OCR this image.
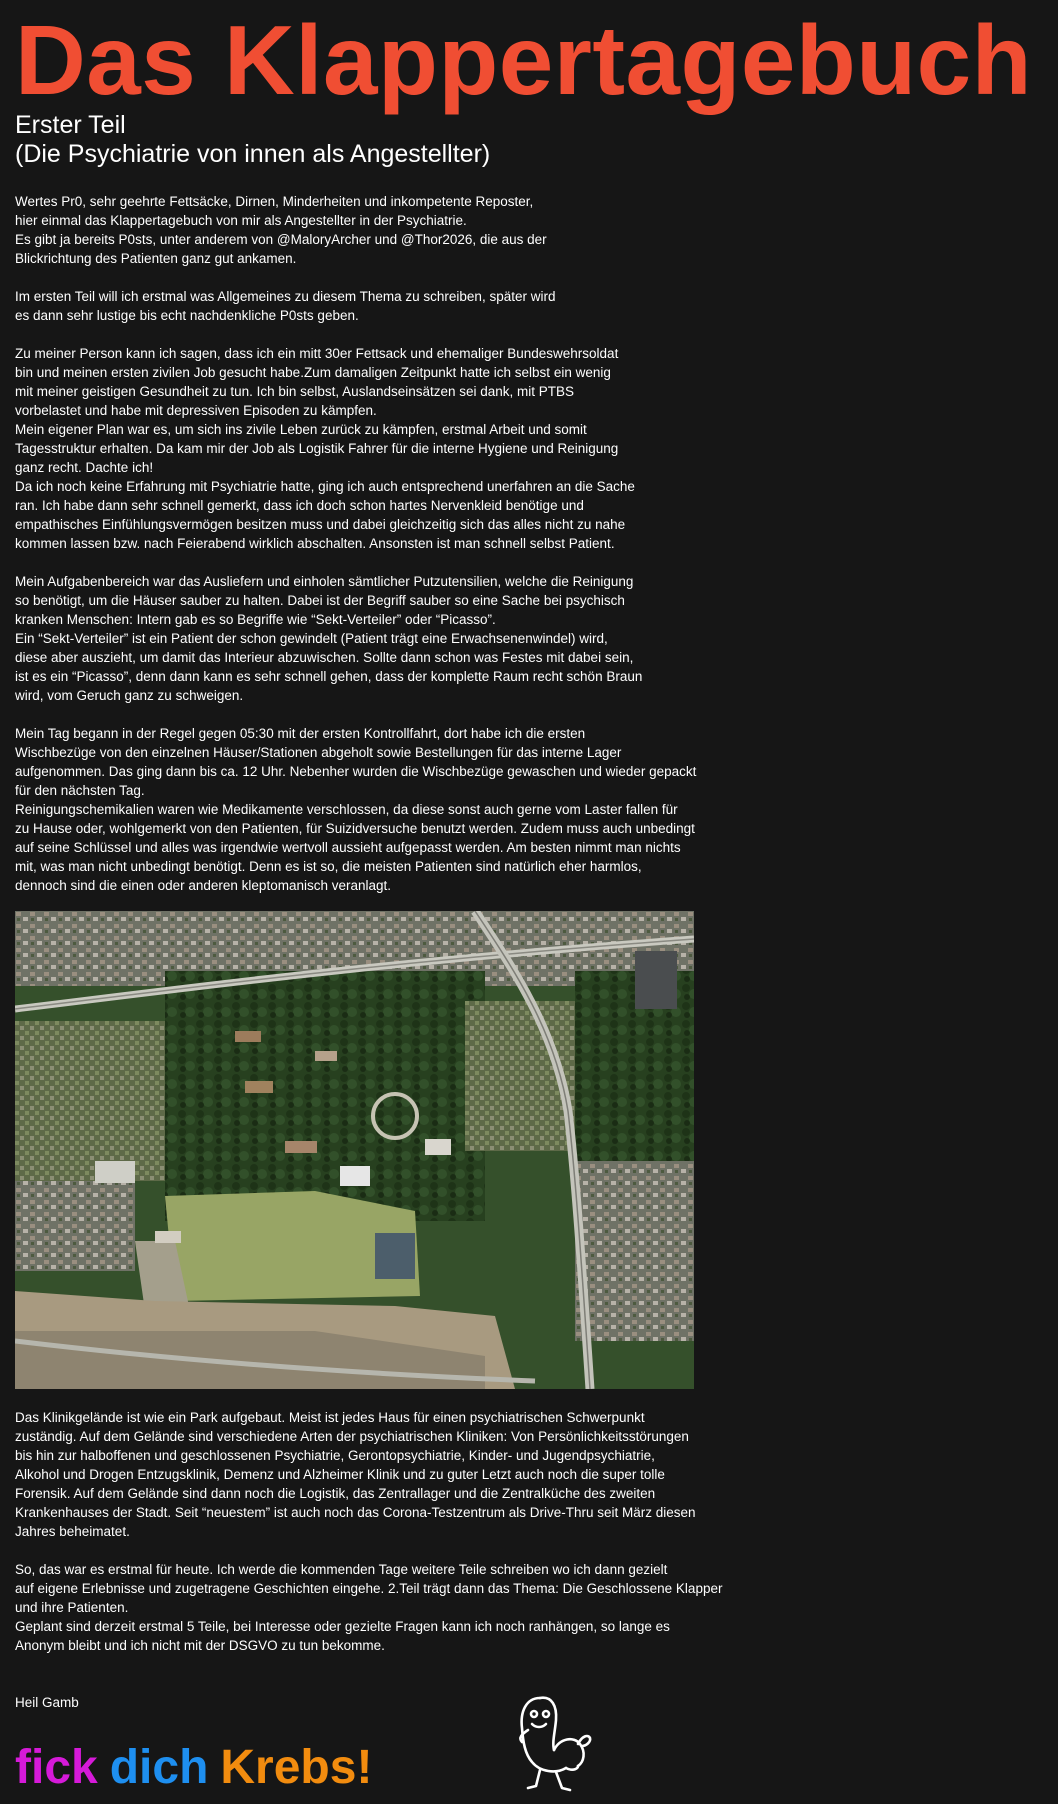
Das Klappertagebuch
Erster Teil
(Die Psychiatrie von innen als Angestellter)
Wertes Pr0, sehr geehrte Fettsäcke, Dirnen, Minderheiten und inkompetente Reposter,
hier einmal das Klappertagebuch von mir als Angestellter in der Psychiatrie.
Es gibt ja bereits P0sts, unter anderem von @MaloryArcher und @Thor2026, die aus der
Blickrichtung des Patienten ganz gut ankamen.
Im ersten Teil will ich erstmal was Allgemeines zu diesem Thema zu schreiben, später wird
es dann sehr lustige bis echt nachdenkliche P0sts geben.
Zu meiner Person kann ich sagen, dass ich ein mitt 30er Fettsack und ehemaliger Bundeswehrsoldat
bin und meinen ersten zivilen Job gesucht habe.Zum damaligen Zeitpunkt hatte ich selbst ein wenig
mit meiner geistigen Gesundheit zu tun. Ich bin selbst, Auslandseinsätzen sei dank, mit PTBS
vorbelastet und habe mit depressiven Episoden zu kämpfen.
Mein eigener Plan war es, um sich ins zivile Leben zurück zu kämpfen, erstmal Arbeit und somit
Tagesstruktur erhalten. Da kam mir der Job als Logistik Fahrer für die interne Hygiene und Reinigung
ganz recht. Dachte ich!
Da ich noch keine Erfahrung mit Psychiatrie hatte, ging ich auch entsprechend unerfahren an die Sache
ran. Ich habe dann sehr schnell gemerkt, dass ich doch schon hartes Nervenkleid benötige und
empathisches Einfühlungsvermögen besitzen muss und dabei gleichzeitig sich das alles nicht zu nahe
kommen lassen bzw. nach Feierabend wirklich abschalten. Ansonsten ist man schnell selbst Patient.
Mein Aufgabenbereich war das Ausliefern und einholen sämtlicher Putzutensilien, welche die Reinigung
so benötigt, um die Häuser sauber zu halten. Dabei ist der Begriff sauber so eine Sache bei psychisch
kranken Menschen: Intern gab es so Begriffe wie “Sekt-Verteiler” oder “Picasso”.
Ein “Sekt-Verteiler” ist ein Patient der schon gewindelt (Patient trägt eine Erwachsenenwindel) wird,
diese aber auszieht, um damit das Interieur abzuwischen. Sollte dann schon was Festes mit dabei sein,
ist es ein “Picasso”, denn dann kann es sehr schnell gehen, dass der komplette Raum recht schön Braun
wird, vom Geruch ganz zu schweigen.
Mein Tag begann in der Regel gegen 05:30 mit der ersten Kontrollfahrt, dort habe ich die ersten
Wischbezüge von den einzelnen Häuser/Stationen abgeholt sowie Bestellungen für das interne Lager
aufgenommen. Das ging dann bis ca. 12 Uhr. Nebenher wurden die Wischbezüge gewaschen und wieder gepackt
für den nächsten Tag.
Reinigungschemikalien waren wie Medikamente verschlossen, da diese sonst auch gerne vom Laster fallen für
zu Hause oder, wohlgemerkt von den Patienten, für Suizidversuche benutzt werden. Zudem muss auch unbedingt
auf seine Schlüssel und alles was irgendwie wertvoll aussieht aufgepasst werden. Am besten nimmt man nichts
mit, was man nicht unbedingt benötigt. Denn es ist so, die meisten Patienten sind natürlich eher harmlos,
dennoch sind die einen oder anderen kleptomanisch veranlagt.
Das Klinikgelände ist wie ein Park aufgebaut. Meist ist jedes Haus für einen psychiatrischen Schwerpunkt
zuständig. Auf dem Gelände sind verschiedene Arten der psychiatrischen Kliniken: Von Persönlichkeitsstörungen
bis hin zur halboffenen und geschlossenen Psychiatrie, Gerontopsychiatrie, Kinder- und Jugendpsychiatrie,
Alkohol und Drogen Entzugsklinik, Demenz und Alzheimer Klinik und zu guter Letzt auch noch die super tolle
Forensik. Auf dem Gelände sind dann noch die Logistik, das Zentrallager und die Zentralküche des zweiten
Krankenhauses der Stadt. Seit “neuestem” ist auch noch das Corona-Testzentrum als Drive-Thru seit März diesen
Jahres beheimatet.
So, das war es erstmal für heute. Ich werde die kommenden Tage weitere Teile schreiben wo ich dann gezielt
auf eigene Erlebnisse und zugetragene Geschichten eingehe. 2.Teil trägt dann das Thema: Die Geschlossene Klapper
und ihre Patienten.
Geplant sind derzeit erstmal 5 Teile, bei Interesse oder gezielte Fragen kann ich noch ranhängen, so lange es
Anonym bleibt und ich nicht mit der DSGVO zu tun bekomme.
Heil Gamb
fick dich Krebs!
